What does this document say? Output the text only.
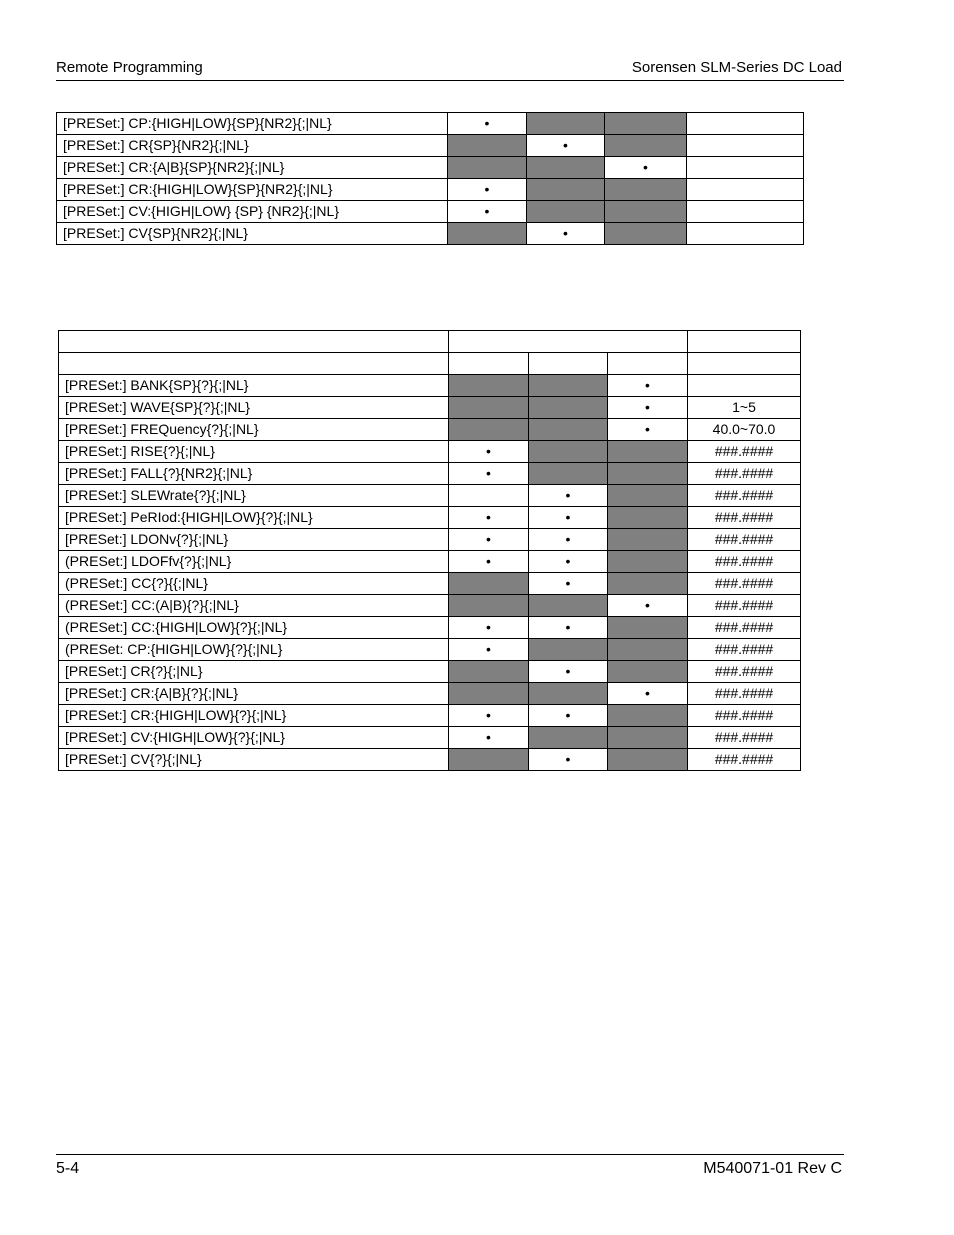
Remote Programming	Sorensen SLM-Series DC Load
[PRESet:] CP:{HIGH|LOW}{SP}{NR2}{;|NL}	•			
[PRESet:] CR{SP}{NR2}{;|NL}		•		
[PRESet:] CR:{A|B}{SP}{NR2}{;|NL}			•	
[PRESet:] CR:{HIGH|LOW}{SP}{NR2}{;|NL}	•			
[PRESet:] CV:{HIGH|LOW} {SP} {NR2}{;|NL}	•			
[PRESet:] CV{SP}{NR2}{;|NL}		•		

[PRESet:] BANK{SP}{?}{;|NL}			•	
[PRESet:] WAVE{SP}{?}{;|NL}			•	1~5
[PRESet:] FREQuency{?}{;|NL}			•	40.0~70.0
[PRESet:] RISE{?}{;|NL}	•			###.####
[PRESet:] FALL{?}{NR2}{;|NL}	•			###.####
[PRESet:] SLEWrate{?}{;|NL}		•		###.####
[PRESet:] PeRIod:{HIGH|LOW}{?}{;|NL}	•	•		###.####
[PRESet:] LDONv{?}{;|NL}	•	•		###.####
(PRESet:] LDOFfv{?}{;|NL}	•	•		###.####
(PRESet:] CC{?}{{;|NL}		•		###.####
(PRESet:] CC:(A|B){?}{;|NL}			•	###.####
(PRESet:] CC:{HIGH|LOW}{?}{;|NL}	•	•		###.####
(PRESet: CP:{HIGH|LOW}{?}{;|NL}	•			###.####
[PRESet:] CR{?}{;|NL}		•		###.####
[PRESet:] CR:{A|B}{?}{;|NL}			•	###.####
[PRESet:] CR:{HIGH|LOW}{?}{;|NL}	•	•		###.####
[PRESet:] CV:{HIGH|LOW}{?}{;|NL}	•			###.####
[PRESet:] CV{?}{;|NL}		•		###.####
5-4	M540071-01 Rev C
